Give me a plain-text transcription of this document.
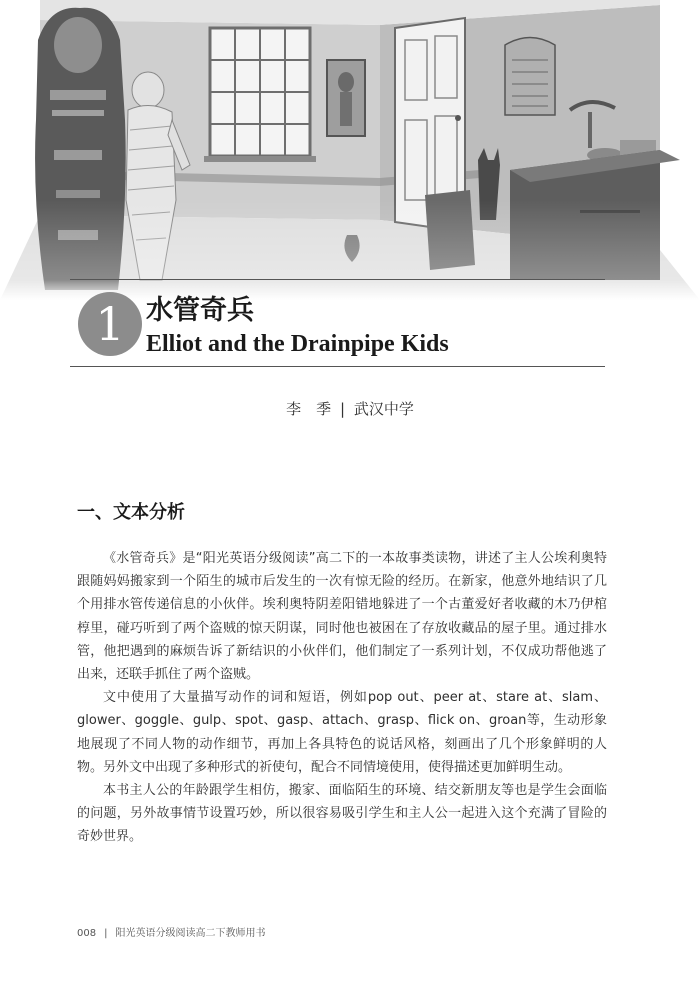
1 水管奇兵
Elliot and the Drainpipe Kids
李　季 | 武汉中学
一、文本分析

《水管奇兵》是“阳光英语分级阅读”高二下的一本故事类读物，讲述了主人公埃利奥特跟随妈妈搬家到一个陌生的城市后发生的一次有惊无险的经历。在新家，他意外地结识了几个用排水管传递信息的小伙伴。埃利奥特阴差阳错地躲进了一个古董爱好者收藏的木乃伊棺椁里，碰巧听到了两个盗贼的惊天阴谋，同时他也被困在了存放收藏品的屋子里。通过排水管，他把遇到的麻烦告诉了新结识的小伙伴们，他们制定了一系列计划，不仅成功帮他逃了出来，还联手抓住了两个盗贼。

文中使用了大量描写动作的词和短语，例如pop out、peer at、stare at、slam、glower、goggle、gulp、spot、gasp、attach、grasp、flick on、groan等，生动形象地展现了不同人物的动作细节，再加上各具特色的说话风格，刻画出了几个形象鲜明的人物。另外文中出现了多种形式的祈使句，配合不同情境使用，使得描述更加鲜明生动。

本书主人公的年龄跟学生相仿，搬家、面临陌生的环境、结交新朋友等也是学生会面临的问题，另外故事情节设置巧妙，所以很容易吸引学生和主人公一起进入这个充满了冒险的奇妙世界。

008 | 阳光英语分级阅读高二下教师用书
